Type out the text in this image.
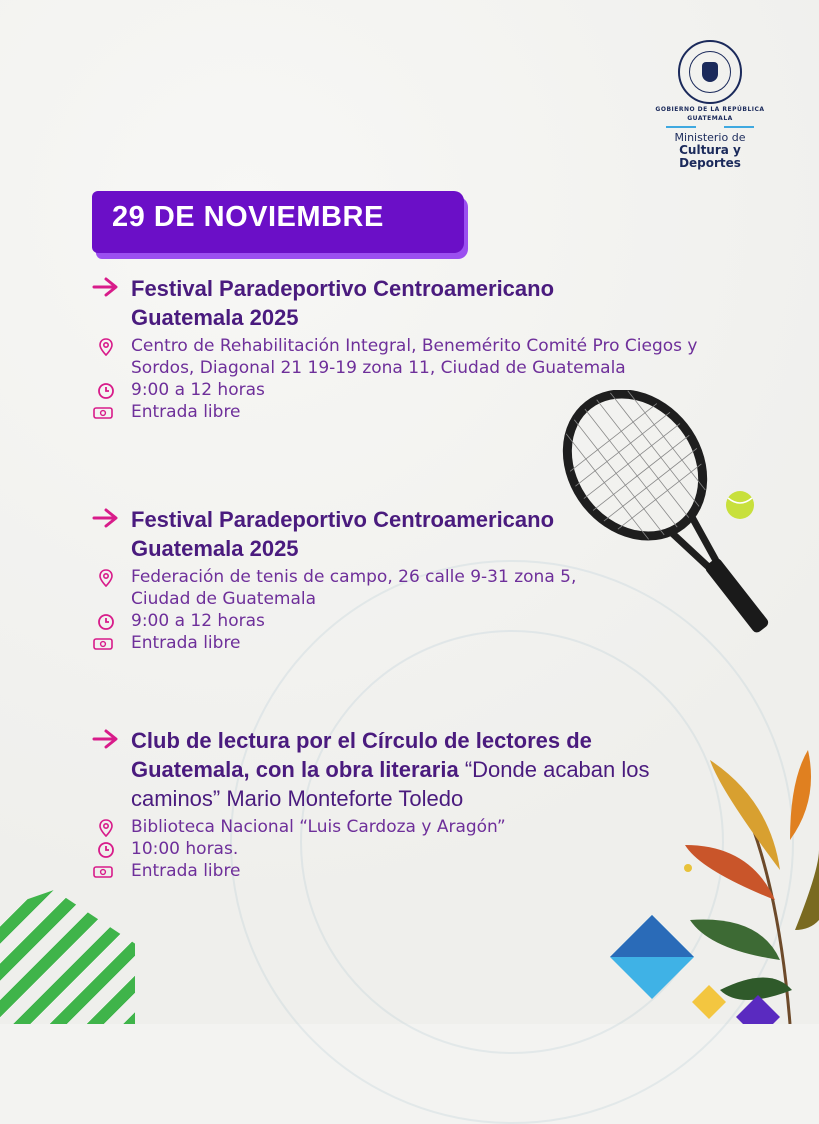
GOBIERNO DE LA REPÚBLICA
GUATEMALA
Ministerio de
Cultura y Deportes
29 DE NOVIEMBRE
Festival Paradeportivo Centroamericano Guatemala 2025
Centro de Rehabilitación Integral, Benemérito Comité Pro Ciegos y Sordos, Diagonal 21 19-19 zona 11, Ciudad de Guatemala
9:00 a 12 horas
Entrada libre
Festival Paradeportivo Centroamericano Guatemala 2025
Federación de tenis de campo, 26 calle 9-31 zona 5, Ciudad de Guatemala
9:00 a 12 horas
Entrada libre
Club de lectura por el Círculo de lectores de Guatemala, con la obra literaria “Donde acaban los caminos” Mario Monteforte Toledo
Biblioteca Nacional “Luis Cardoza y Aragón”
10:00 horas.
Entrada libre
